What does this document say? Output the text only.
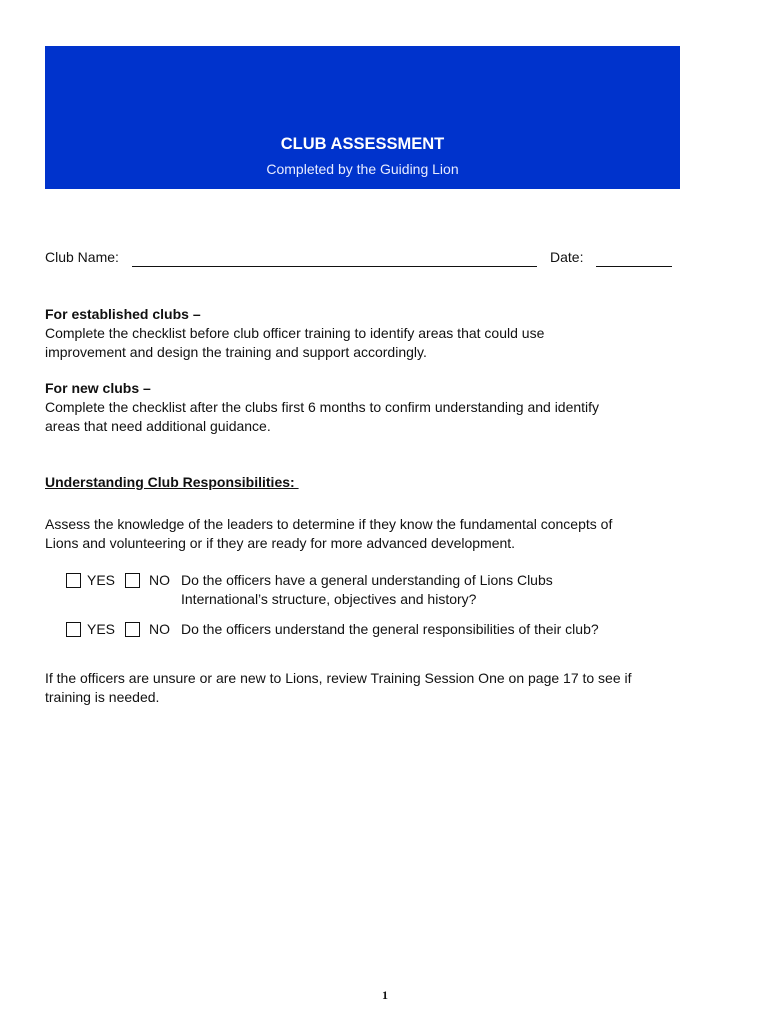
CLUB ASSESSMENT
Completed by the Guiding Lion
Club Name:	Date:
For established clubs –
Complete the checklist before club officer training to identify areas that could use
improvement and design the training and support accordingly.
For new clubs –
Complete the checklist after the clubs first 6 months to confirm understanding and identify
areas that need additional guidance.
Understanding Club Responsibilities:
Assess the knowledge of the leaders to determine if they know the fundamental concepts of
Lions and volunteering or if they are ready for more advanced development.
YES NO Do the officers have a general understanding of Lions Clubs
International’s structure, objectives and history?
YES NO Do the officers understand the general responsibilities of their club?
If the officers are unsure or are new to Lions, review Training Session One on page 17 to see if
training is needed.
1
